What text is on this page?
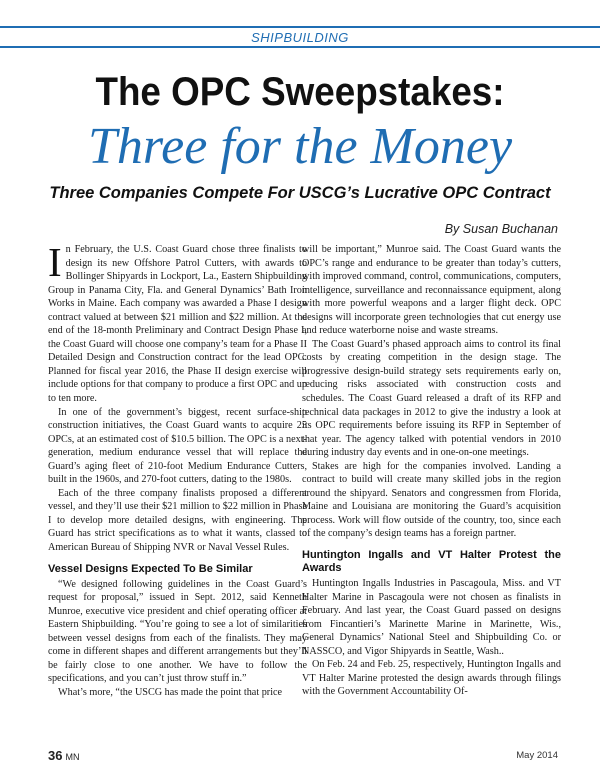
SHIPBUILDING
The OPC Sweepstakes:
Three for the Money
Three Companies Compete For USCG’s Lucrative OPC Contract
By Susan Buchanan

In February, the U.S. Coast Guard chose three finalists to design its new Offshore Patrol Cutters, with awards to Bollinger Shipyards in Lockport, La., Eastern Shipbuilding Group in Panama City, Fla. and General Dynamics’ Bath Iron Works in Maine. Each company was awarded a Phase I design contract valued at between $21 million and $22 million. At the end of the 18-month Preliminary and Contract Design Phase I, the Coast Guard will choose one company’s team for a Phase II Detailed Design and Construction contract for the lead OPC. Planned for fiscal year 2016, the Phase II design exercise will include options for that company to produce a first OPC and up to ten more.

In one of the government’s biggest, recent surface-ship construction initiatives, the Coast Guard wants to acquire 25 OPCs, at an estimated cost of $10.5 billion. The OPC is a next-generation, medium endurance vessel that will replace the Guard’s aging fleet of 210-foot Medium Endurance Cutters, built in the 1960s, and 270-foot cutters, dating to the 1980s.

Each of the three company finalists proposed a different vessel, and they’ll use their $21 million to $22 million in Phase I to develop more detailed designs, with engineering. The Guard has strict specifications as to what it wants, classed to American Bureau of Shipping NVR or Naval Vessel Rules.

Vessel Designs Expected To Be Similar

“We designed following guidelines in the Coast Guard’s request for proposal,” issued in Sept. 2012, said Kenneth Munroe, executive vice president and chief operating officer at Eastern Shipbuilding. “You’re going to see a lot of similarities between vessel designs from each of the finalists. They may come in different shapes and different arrangements but they’ll be fairly close to one another. We have to follow the specifications, and you can’t just throw stuff in.”

What’s more, “the USCG has made the point that price

will be important,” Munroe said. The Coast Guard wants the OPC’s range and endurance to be greater than today’s cutters, with improved command, control, communications, computers, intelligence, surveillance and reconnaissance equipment, along with more powerful weapons and a larger flight deck. OPC designs will incorporate green technologies that cut energy use and reduce waterborne noise and waste streams.

The Coast Guard’s phased approach aims to control its final costs by creating competition in the design stage. The progressive design-build strategy sets requirements early on, reducing risks associated with construction costs and schedules. The Coast Guard released a draft of its RFP and technical data packages in 2012 to give the industry a look at its OPC requirements before issuing its RFP in September of that year. The agency talked with potential vendors in 2010 during industry day events and in one-on-one meetings.

Stakes are high for the companies involved. Landing a contract to build will create many skilled jobs in the region around the shipyard. Senators and congressmen from Florida, Maine and Louisiana are monitoring the Guard’s acquisition process. Work will flow outside of the country, too, since each of the company’s design teams has a foreign partner.

Huntington Ingalls and VT Halter Protest the Awards

Huntington Ingalls Industries in Pascagoula, Miss. and VT Halter Marine in Pascagoula were not chosen as finalists in February. And last year, the Coast Guard passed on designs from Fincantieri’s Marinette Marine in Marinette, Wis., General Dynamics’ National Steel and Shipbuilding Co. or NASSCO, and Vigor Shipyards in Seattle, Wash..

On Feb. 24 and Feb. 25, respectively, Huntington Ingalls and VT Halter Marine protested the design awards through filings with the Government Accountability Of-

36 MN	May 2014
